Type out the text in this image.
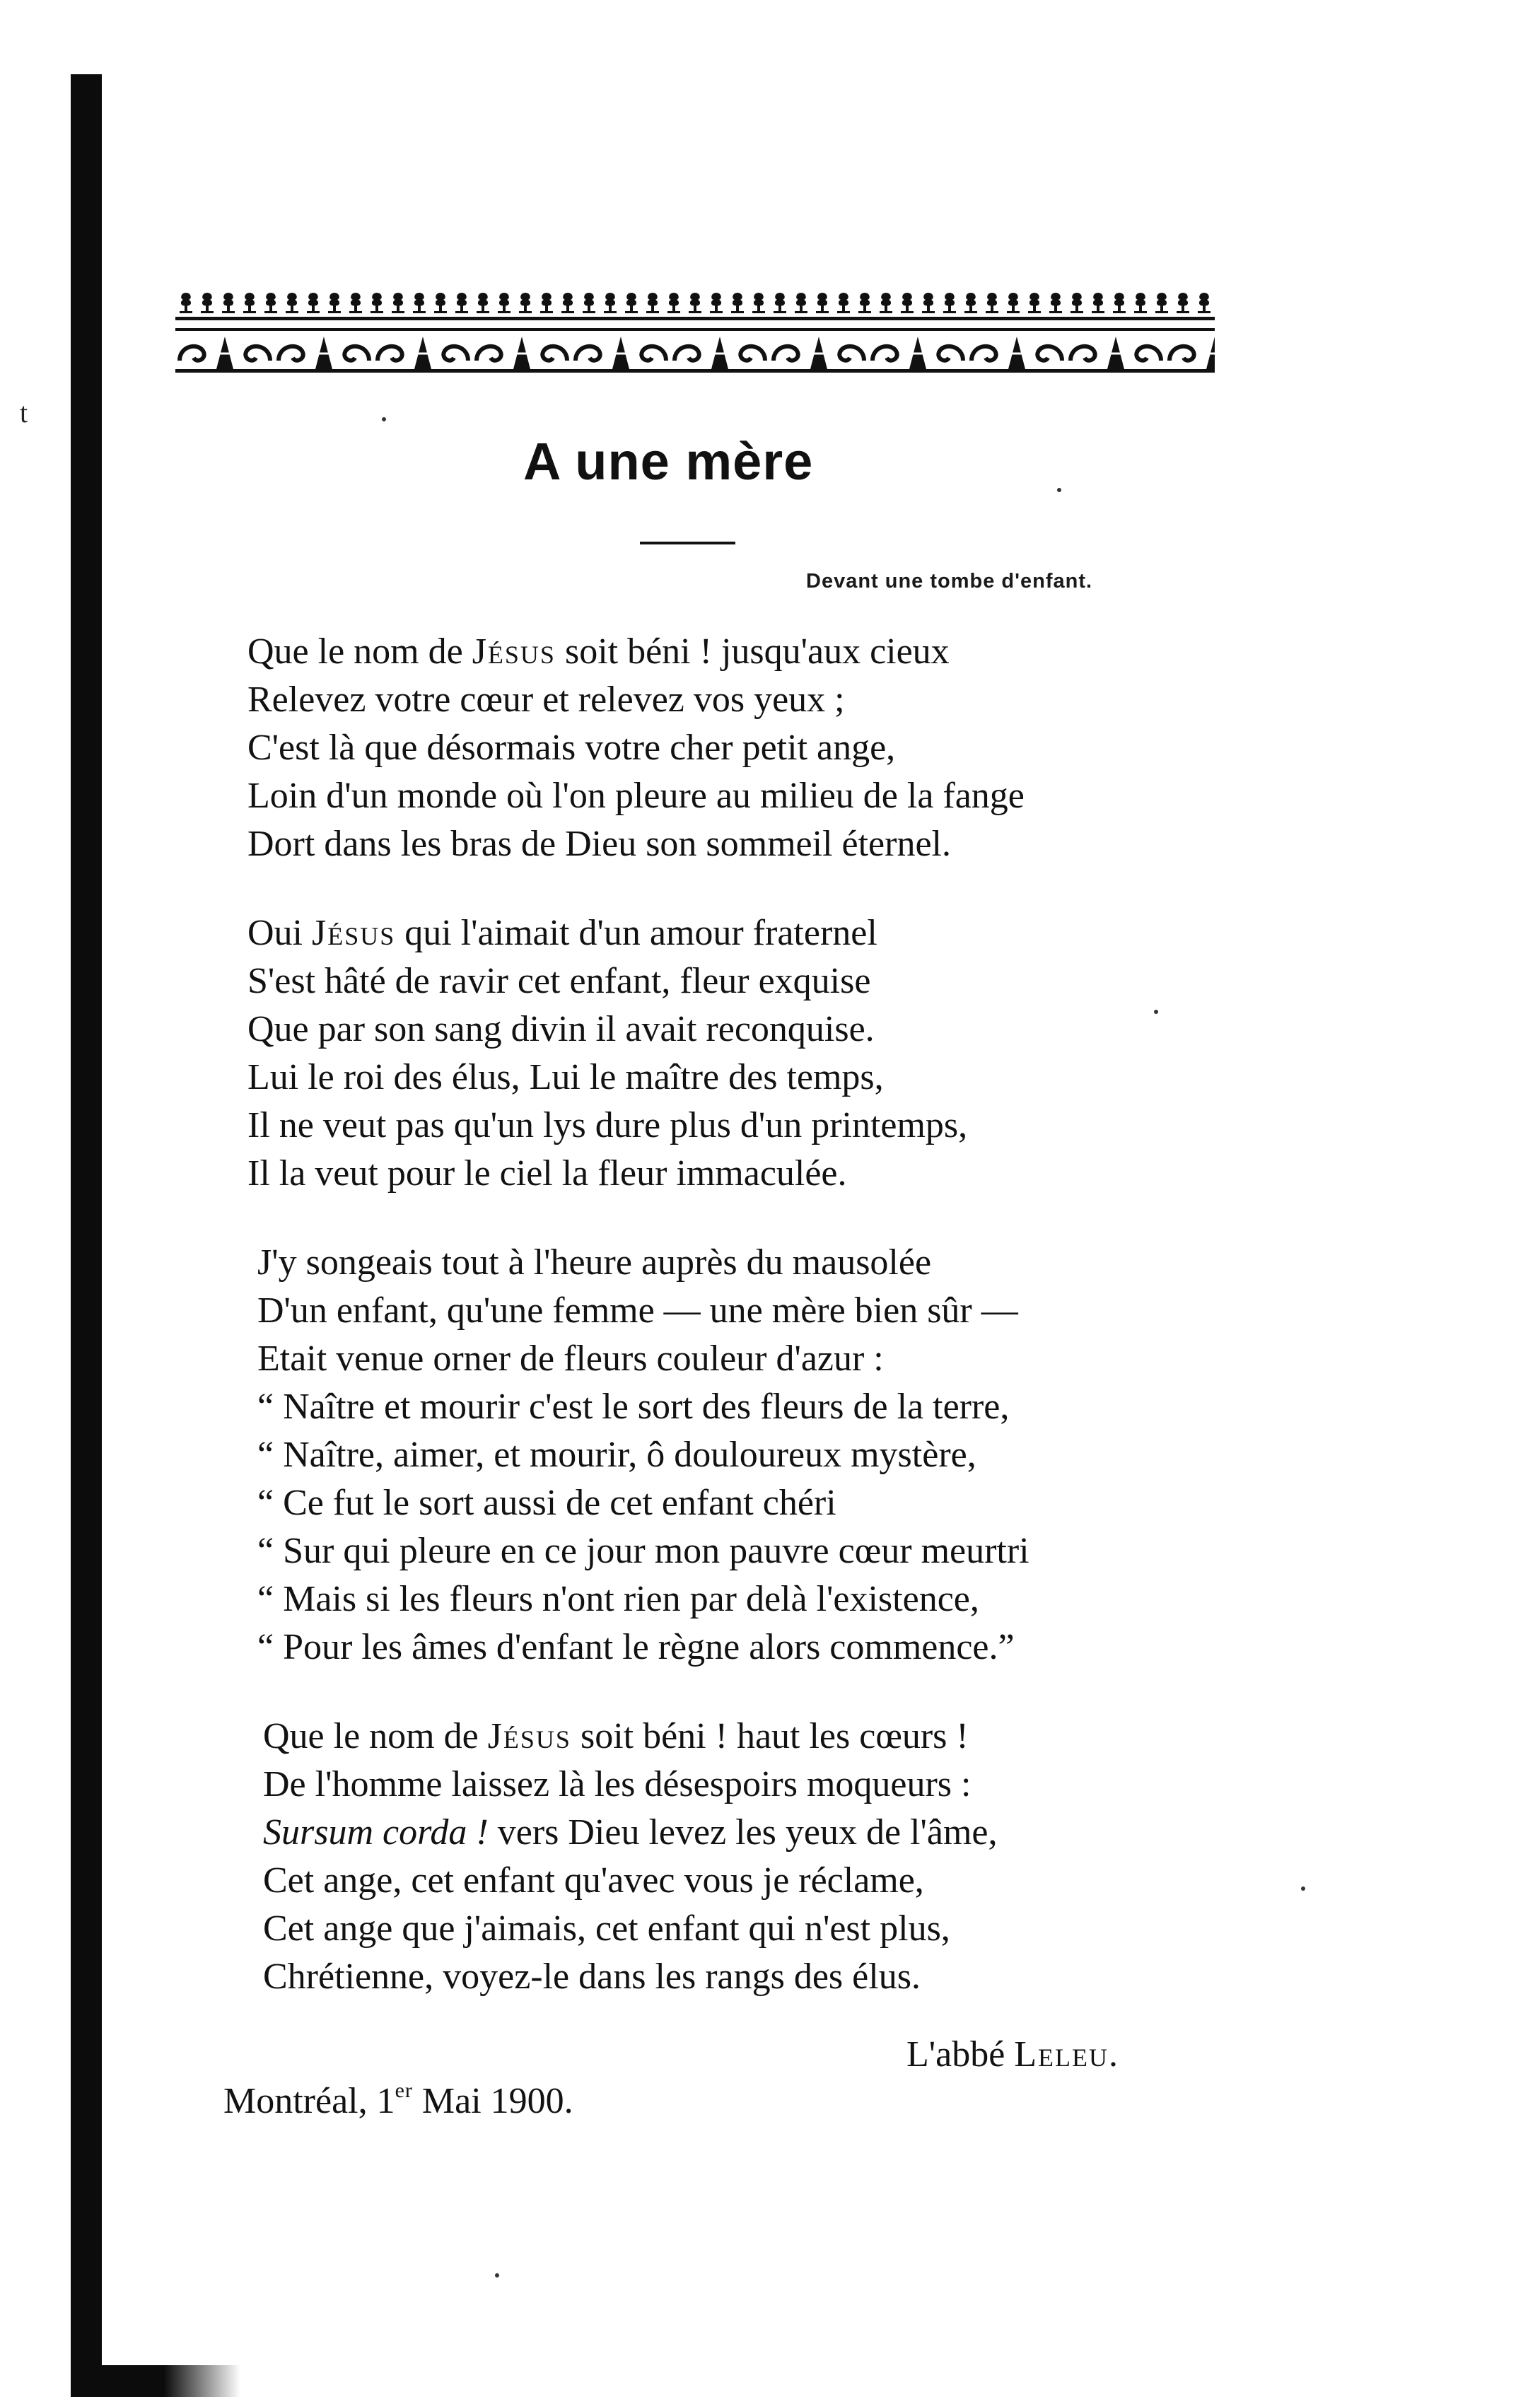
t
A une mère
Devant une tombe d'enfant.
Que le nom de Jésus soit béni ! jusqu'aux cieux
Relevez votre cœur et relevez vos yeux ;
C'est là que désormais votre cher petit ange,
Loin d'un monde où l'on pleure au milieu de la fange
Dort dans les bras de Dieu son sommeil éternel.
Oui Jésus qui l'aimait d'un amour fraternel
S'est hâté de ravir cet enfant, fleur exquise
Que par son sang divin il avait reconquise.
Lui le roi des élus, Lui le maître des temps,
Il ne veut pas qu'un lys dure plus d'un printemps,
Il la veut pour le ciel la fleur immaculée.
J'y songeais tout à l'heure auprès du mausolée
D'un enfant, qu'une femme — une mère bien sûr —
Etait venue orner de fleurs couleur d'azur :
“ Naître et mourir c'est le sort des fleurs de la terre,
“ Naître, aimer, et mourir, ô douloureux mystère,
“ Ce fut le sort aussi de cet enfant chéri
“ Sur qui pleure en ce jour mon pauvre cœur meurtri
“ Mais si les fleurs n'ont rien par delà l'existence,
“ Pour les âmes d'enfant le règne alors commence.”
Que le nom de Jésus soit béni ! haut les cœurs !
De l'homme laissez là les désespoirs moqueurs :
Sursum corda ! vers Dieu levez les yeux de l'âme,
Cet ange, cet enfant qu'avec vous je réclame,
Cet ange que j'aimais, cet enfant qui n'est plus,
Chrétienne, voyez-le dans les rangs des élus.
L'abbé Leleu.
Montréal, 1er Mai 1900.
